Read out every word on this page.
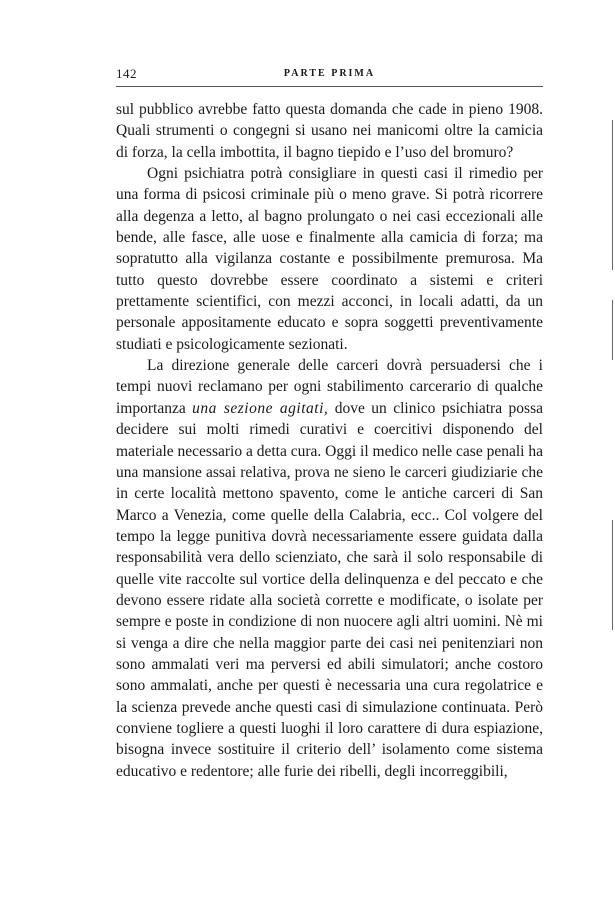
142	PARTE PRIMA

sul pubblico avrebbe fatto questa domanda che cade in pieno 1908. Quali strumenti o congegni si usano nei manicomi oltre la camicia di forza, la cella imbottita, il bagno tiepido e l’uso del bromuro?

Ogni psichiatra potrà consigliare in questi casi il rimedio per una forma di psicosi criminale più o meno grave. Si potrà ricorrere alla degenza a letto, al bagno prolungato o nei casi eccezionali alle bende, alle fasce, alle uose e finalmente alla camicia di forza; ma sopratutto alla vigilanza costante e possibilmente premurosa. Ma tutto questo dovrebbe essere coordinato a sistemi e criteri prettamente scientifici, con mezzi acconci, in locali adatti, da un personale appositamente educato e sopra soggetti preventivamente studiati e psicologicamente sezionati.

La direzione generale delle carceri dovrà persuadersi che i tempi nuovi reclamano per ogni stabilimento carcerario di qualche importanza una sezione agitati, dove un clinico psichiatra possa decidere sui molti rimedi curativi e coercitivi disponendo del materiale necessario a detta cura. Oggi il medico nelle case penali ha una mansione assai relativa, prova ne sieno le carceri giudiziarie che in certe località mettono spavento, come le antiche carceri di San Marco a Venezia, come quelle della Calabria, ecc.. Col volgere del tempo la legge punitiva dovrà necessariamente essere guidata dalla responsabilità vera dello scienziato, che sarà il solo responsabile di quelle vite raccolte sul vortice della delinquenza e del peccato e che devono essere ridate alla società corrette e modificate, o isolate per sempre e poste in condizione di non nuocere agli altri uomini. Nè mi si venga a dire che nella maggior parte dei casi nei penitenziari non sono ammalati veri ma perversi ed abili simulatori; anche costoro sono ammalati, anche per questi è necessaria una cura regolatrice e la scienza prevede anche questi casi di simulazione continuata. Però conviene togliere a questi luoghi il loro carattere di dura espiazione, bisogna invece sostituire il criterio dell’ isolamento come sistema educativo e redentore; alle furie dei ribelli, degli incorreggibili,
